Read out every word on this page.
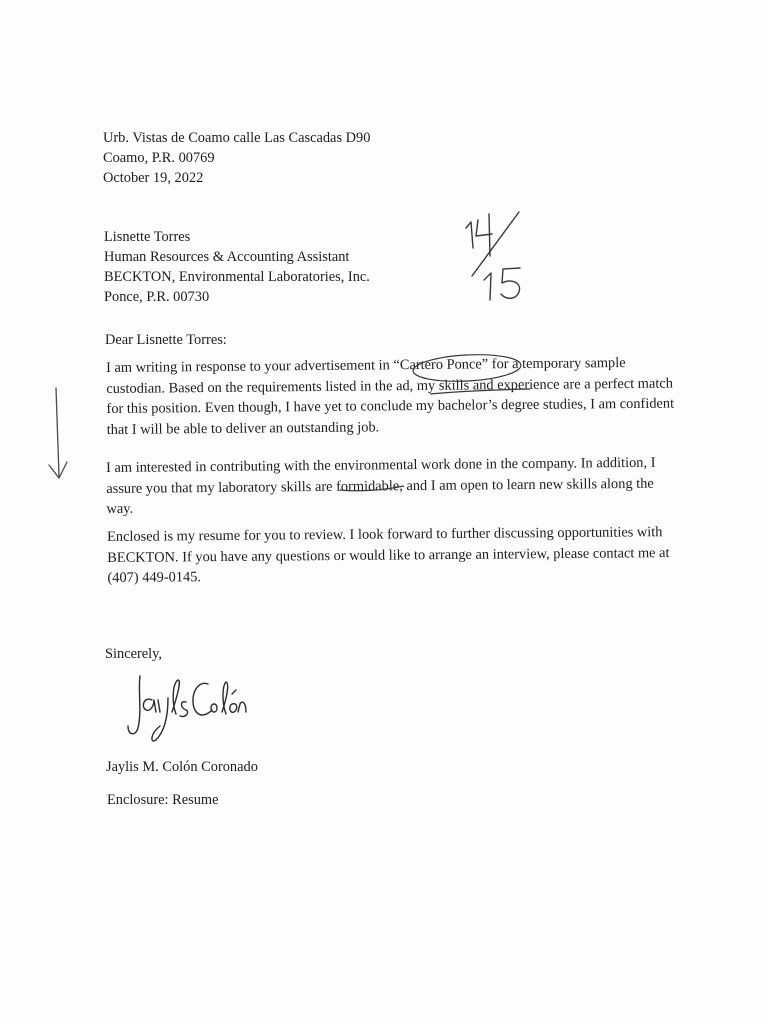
Urb. Vistas de Coamo calle Las Cascadas D90
Coamo, P.R. 00769
October 19, 2022
Lisnette Torres
Human Resources & Accounting Assistant
BECKTON, Environmental Laboratories, Inc.
Ponce, P.R. 00730
Dear Lisnette Torres:
I am writing in response to your advertisement in “Cartero Ponce” for a temporary sample
custodian. Based on the requirements listed in the ad, my skills and experience are a perfect match
for this position. Even though, I have yet to conclude my bachelor’s degree studies, I am confident
that I will be able to deliver an outstanding job.
I am interested in contributing with the environmental work done in the company. In addition, I
assure you that my laboratory skills are formidable, and I am open to learn new skills along the
way.
Enclosed is my resume for you to review. I look forward to further discussing opportunities with
BECKTON. If you have any questions or would like to arrange an interview, please contact me at
(407) 449-0145.
Sincerely,
Jaylis M. Colón Coronado
Enclosure: Resume
